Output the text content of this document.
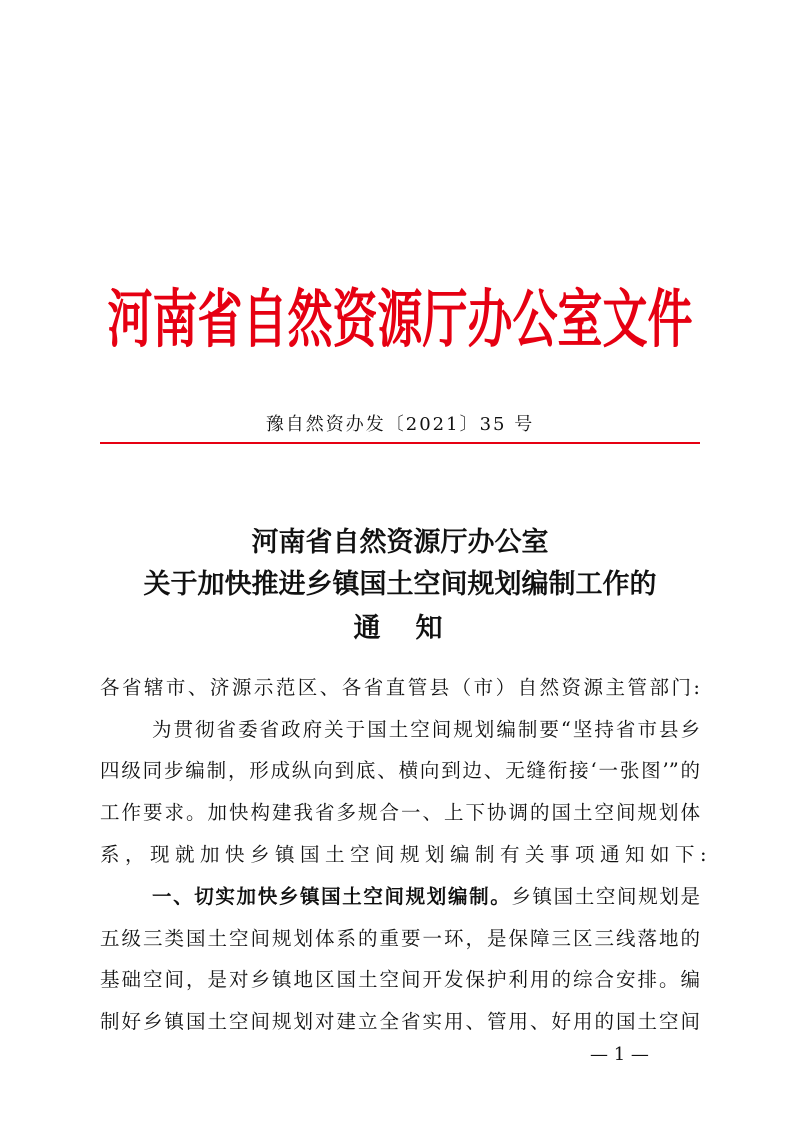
河南省自然资源厅办公室文件
豫自然资办发〔2021〕35 号
河南省自然资源厅办公室
关于加快推进乡镇国土空间规划编制工作的
通　知
各省辖市、济源示范区、各省直管县（市）自然资源主管部门:
为贯彻省委省政府关于国土空间规划编制要“坚持省市县乡
四级同步编制，形成纵向到底、横向到边、无缝衔接‘一张图’”的
工作要求。加快构建我省多规合一、上下协调的国土空间规划体
系，现就加快乡镇国土空间规划编制有关事项通知如下:
一、切实加快乡镇国土空间规划编制。乡镇国土空间规划是
五级三类国土空间规划体系的重要一环，是保障三区三线落地的
基础空间，是对乡镇地区国土空间开发保护利用的综合安排。编
制好乡镇国土空间规划对建立全省实用、管用、好用的国土空间
— 1 —
